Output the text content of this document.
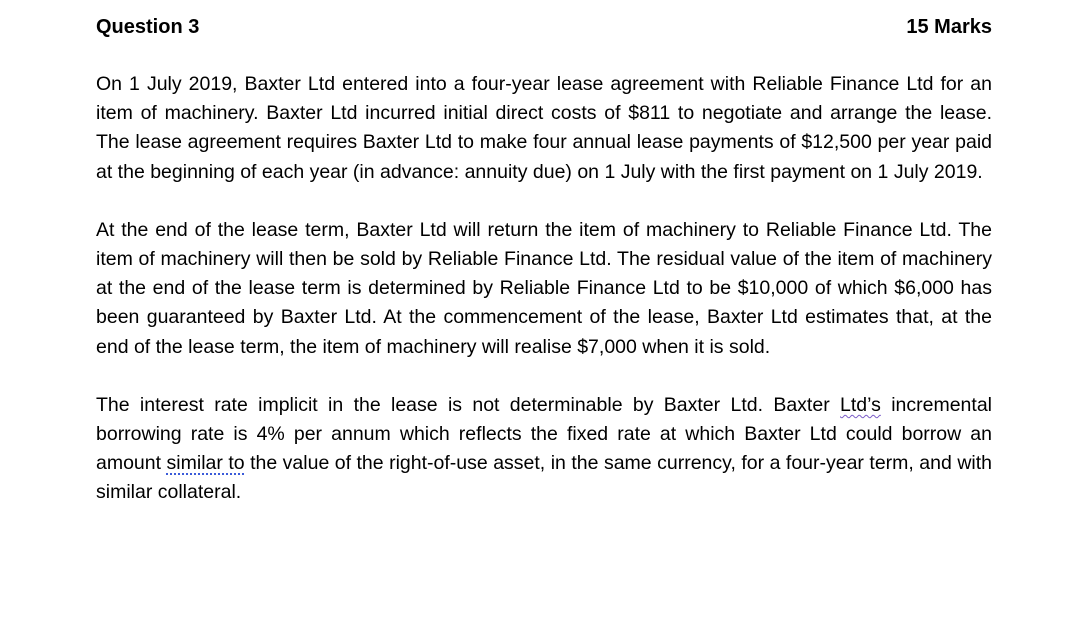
Question 3	15 Marks

On 1 July 2019, Baxter Ltd entered into a four-year lease agreement with Reliable Finance Ltd for an item of machinery. Baxter Ltd incurred initial direct costs of $811 to negotiate and arrange the lease. The lease agreement requires Baxter Ltd to make four annual lease payments of $12,500 per year paid at the beginning of each year (in advance: annuity due) on 1 July with the first payment on 1 July 2019.

At the end of the lease term, Baxter Ltd will return the item of machinery to Reliable Finance Ltd. The item of machinery will then be sold by Reliable Finance Ltd. The residual value of the item of machinery at the end of the lease term is determined by Reliable Finance Ltd to be $10,000 of which $6,000 has been guaranteed by Baxter Ltd. At the commencement of the lease, Baxter Ltd estimates that, at the end of the lease term, the item of machinery will realise $7,000 when it is sold.

The interest rate implicit in the lease is not determinable by Baxter Ltd. Baxter Ltd’s incremental borrowing rate is 4% per annum which reflects the fixed rate at which Baxter Ltd could borrow an amount similar to the value of the right-of-use asset, in the same currency, for a four-year term, and with similar collateral.
